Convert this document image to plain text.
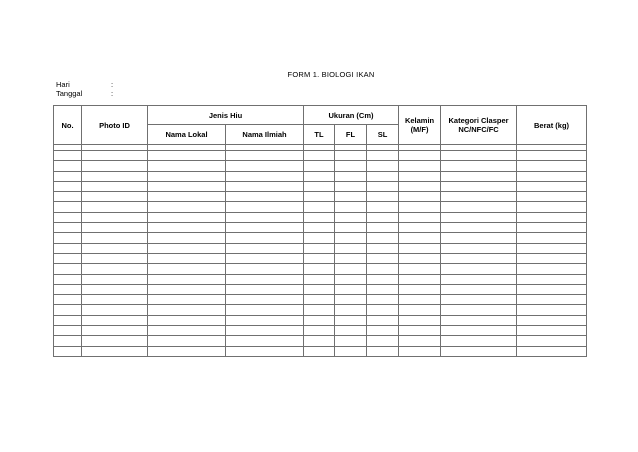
FORM 1. BIOLOGI IKAN
Hari	:
Tanggal	:
No.	Photo ID	Jenis Hiu		Ukuran (Cm)			Kelamin (M/F)	Kategori Clasper NC/NFC/FC	Berat (kg)
		Nama Lokal	Nama Ilmiah	TL	FL	SL			
